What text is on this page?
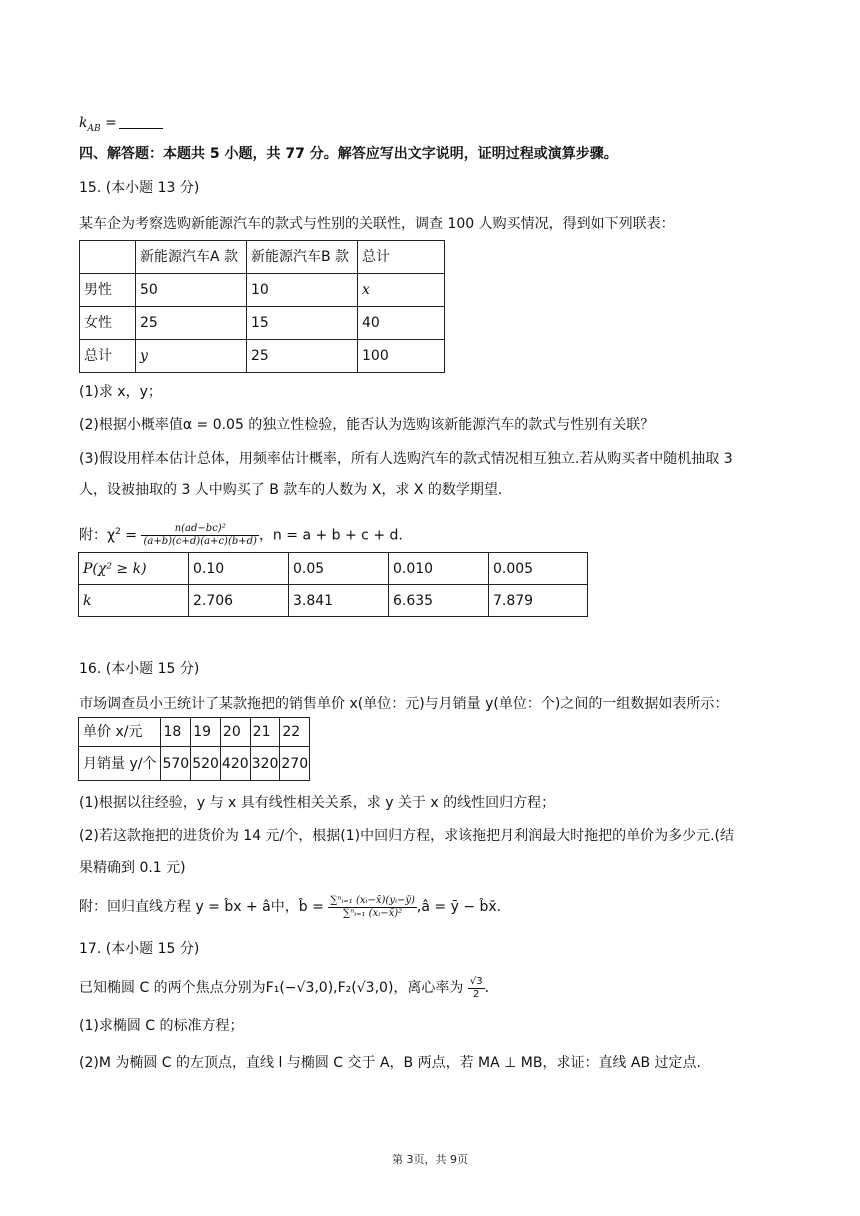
$k_{AB}$ =
四、解答题：本题共 5 小题，共 77 分。解答应写出文字说明，证明过程或演算步骤。
15. (本小题 13 分)
某车企为考察选购新能源汽车的款式与性别的关联性，调查 100 人购买情况，得到如下列联表：
	新能源汽车A 款	新能源汽车B 款	总计
男性	50	10	x
女性	25	15	40
总计	y	25	100
(1)求 x，y；
(2)根据小概率值α = 0.05 的独立性检验，能否认为选购该新能源汽车的款式与性别有关联？
(3)假设用样本估计总体，用频率估计概率，所有人选购汽车的款式情况相互独立.若从购买者中随机抽取 3
人，设被抽取的 3 人中购买了 B 款车的人数为 X，求 X 的数学期望.
附：$\chi^2 = \frac{\text{n(ad−bc)²}}{(a+b)(c+d)(a+c)(b+d)}$ ，n = a + b + c + d.
P(χ² ≥ k)	0.10	0.05	0.010	0.005
k	2.706	3.841	6.635	7.879
16. (本小题 15 分)
市场调查员小王统计了某款拖把的销售单价 x(单位：元)与月销量 y(单位：个)之间的一组数据如表所示：
单价 x/元	18	19	20	21	22
月销量 y/个	570	520	420	320	270
(1)根据以往经验，y 与 x 具有线性相关关系，求 y 关于 x 的线性回归方程；
(2)若这款拖把的进货价为 14 元/个，根据(1)中回归方程，求该拖把月利润最大时拖把的单价为多少元.(结
果精确到 0.1 元)
附：回归直线方程 y = b̂x + â中，b̂ = $\frac{\text{∑ⁿᵢ₌₁ (xᵢ−x̄)(yᵢ−ȳ)}}{\text{∑ⁿᵢ₌₁ (xᵢ−x̄)²}}$ ,â = ȳ − b̂x̄.
17. (本小题 15 分)
已知椭圆 C 的两个焦点分别为F₁(−√3,0),F₂(√3,0)，离心率为 $\frac{√3}{2}$ .
(1)求椭圆 C 的标准方程；
(2)M 为椭圆 C 的左顶点，直线 l 与椭圆 C 交于 A，B 两点，若 MA ⊥ MB，求证：直线 AB 过定点.
第 3页，共 9页
